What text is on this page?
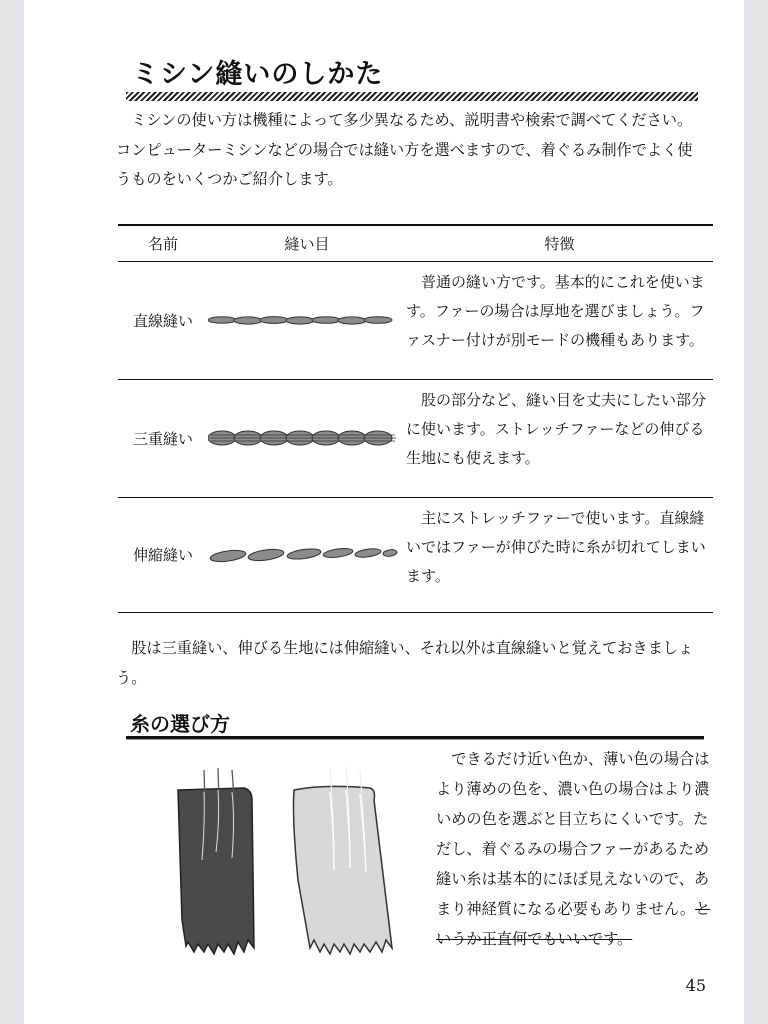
ミシン縫いのしかた

ミシンの使い方は機種によって多少異なるため、説明書や検索で調べてください。コンピューターミシンなどの場合では縫い方を選べますので、着ぐるみ制作でよく使うものをいくつかご紹介します。

名前	縫い目	特徴
直線縫い		普通の縫い方です。基本的にこれを使います。ファーの場合は厚地を選びましょう。ファスナー付けが別モードの機種もあります。
三重縫い		股の部分など、縫い目を丈夫にしたい部分に使います。ストレッチファーなどの伸びる生地にも使えます。
伸縮縫い		主にストレッチファーで使います。直線縫いではファーが伸びた時に糸が切れてしまいます。

股は三重縫い、伸びる生地には伸縮縫い、それ以外は直線縫いと覚えておきましょう。

糸の選び方

できるだけ近い色か、薄い色の場合はより薄めの色を、濃い色の場合はより濃いめの色を選ぶと目立ちにくいです。ただし、着ぐるみの場合ファーがあるため縫い糸は基本的にほぼ見えないので、あまり神経質になる必要もありません。というか正直何でもいいです。

45
